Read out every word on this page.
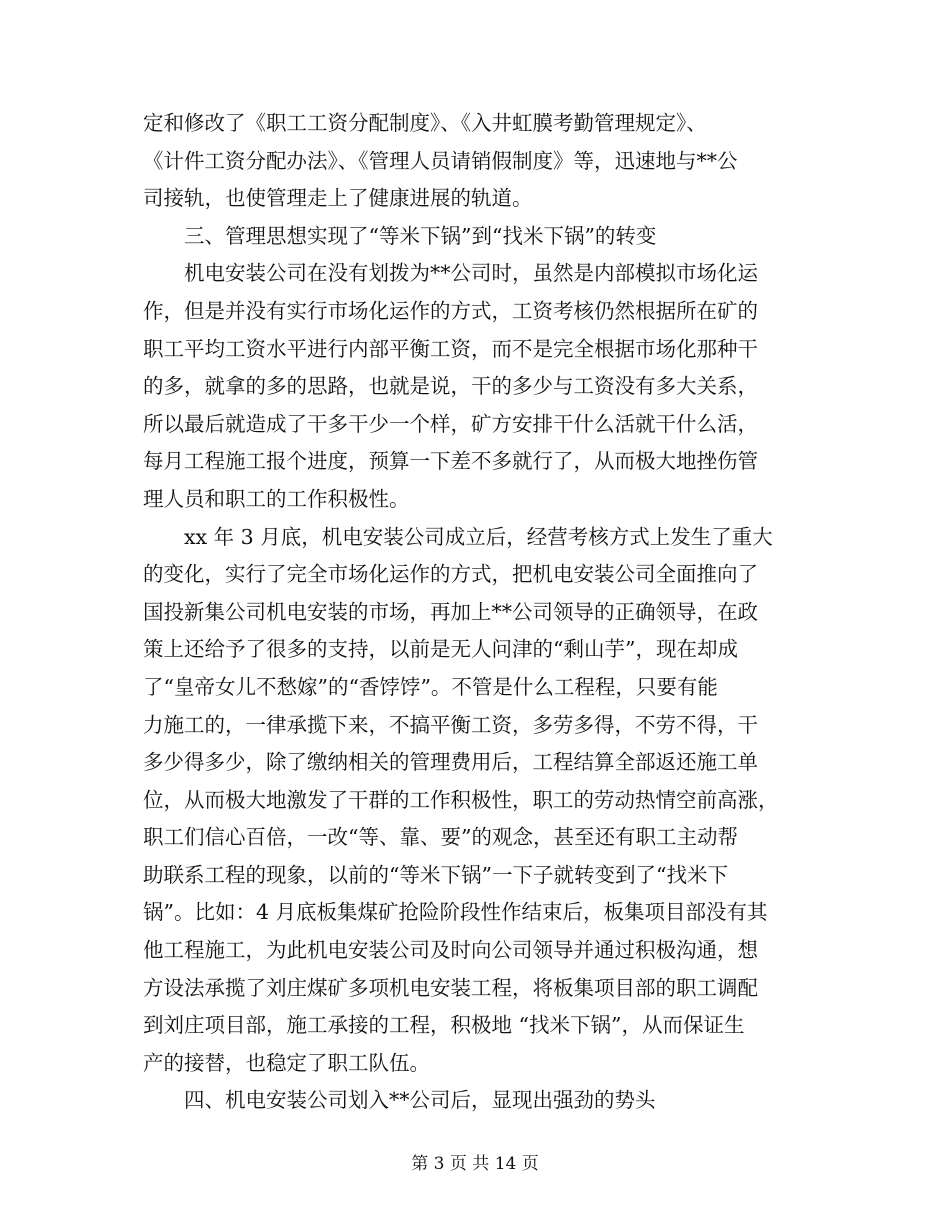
定和修改了《职工工资分配制度》、《入井虹膜考勤管理规定》、
《计件工资分配办法》、《管理人员请销假制度》等，迅速地与**公
司接轨，也使管理走上了健康进展的轨道。
三、管理思想实现了“等米下锅”到“找米下锅”的转变
机电安装公司在没有划拨为**公司时，虽然是内部模拟市场化运
作，但是并没有实行市场化运作的方式，工资考核仍然根据所在矿的
职工平均工资水平进行内部平衡工资，而不是完全根据市场化那种干
的多，就拿的多的思路，也就是说，干的多少与工资没有多大关系，
所以最后就造成了干多干少一个样，矿方安排干什么活就干什么活，
每月工程施工报个进度，预算一下差不多就行了，从而极大地挫伤管
理人员和职工的工作积极性。
xx 年 3 月底，机电安装公司成立后，经营考核方式上发生了重大
的变化，实行了完全市场化运作的方式，把机电安装公司全面推向了
国投新集公司机电安装的市场，再加上**公司领导的正确领导，在政
策上还给予了很多的支持，以前是无人问津的“剩山芋”，现在却成
了“皇帝女儿不愁嫁”的“香饽饽”。不管是什么工程程，只要有能
力施工的，一律承揽下来，不搞平衡工资，多劳多得，不劳不得，干
多少得多少，除了缴纳相关的管理费用后，工程结算全部返还施工单
位，从而极大地激发了干群的工作积极性，职工的劳动热情空前高涨，
职工们信心百倍，一改“等、靠、要”的观念，甚至还有职工主动帮
助联系工程的现象，以前的“等米下锅”一下子就转变到了“找米下
锅”。比如：4 月底板集煤矿抢险阶段性作结束后，板集项目部没有其
他工程施工，为此机电安装公司及时向公司领导并通过积极沟通，想
方设法承揽了刘庄煤矿多项机电安装工程，将板集项目部的职工调配
到刘庄项目部，施工承接的工程，积极地 “找米下锅”，从而保证生
产的接替，也稳定了职工队伍。
四、机电安装公司划入**公司后，显现出强劲的势头
第 3 页 共 14 页
